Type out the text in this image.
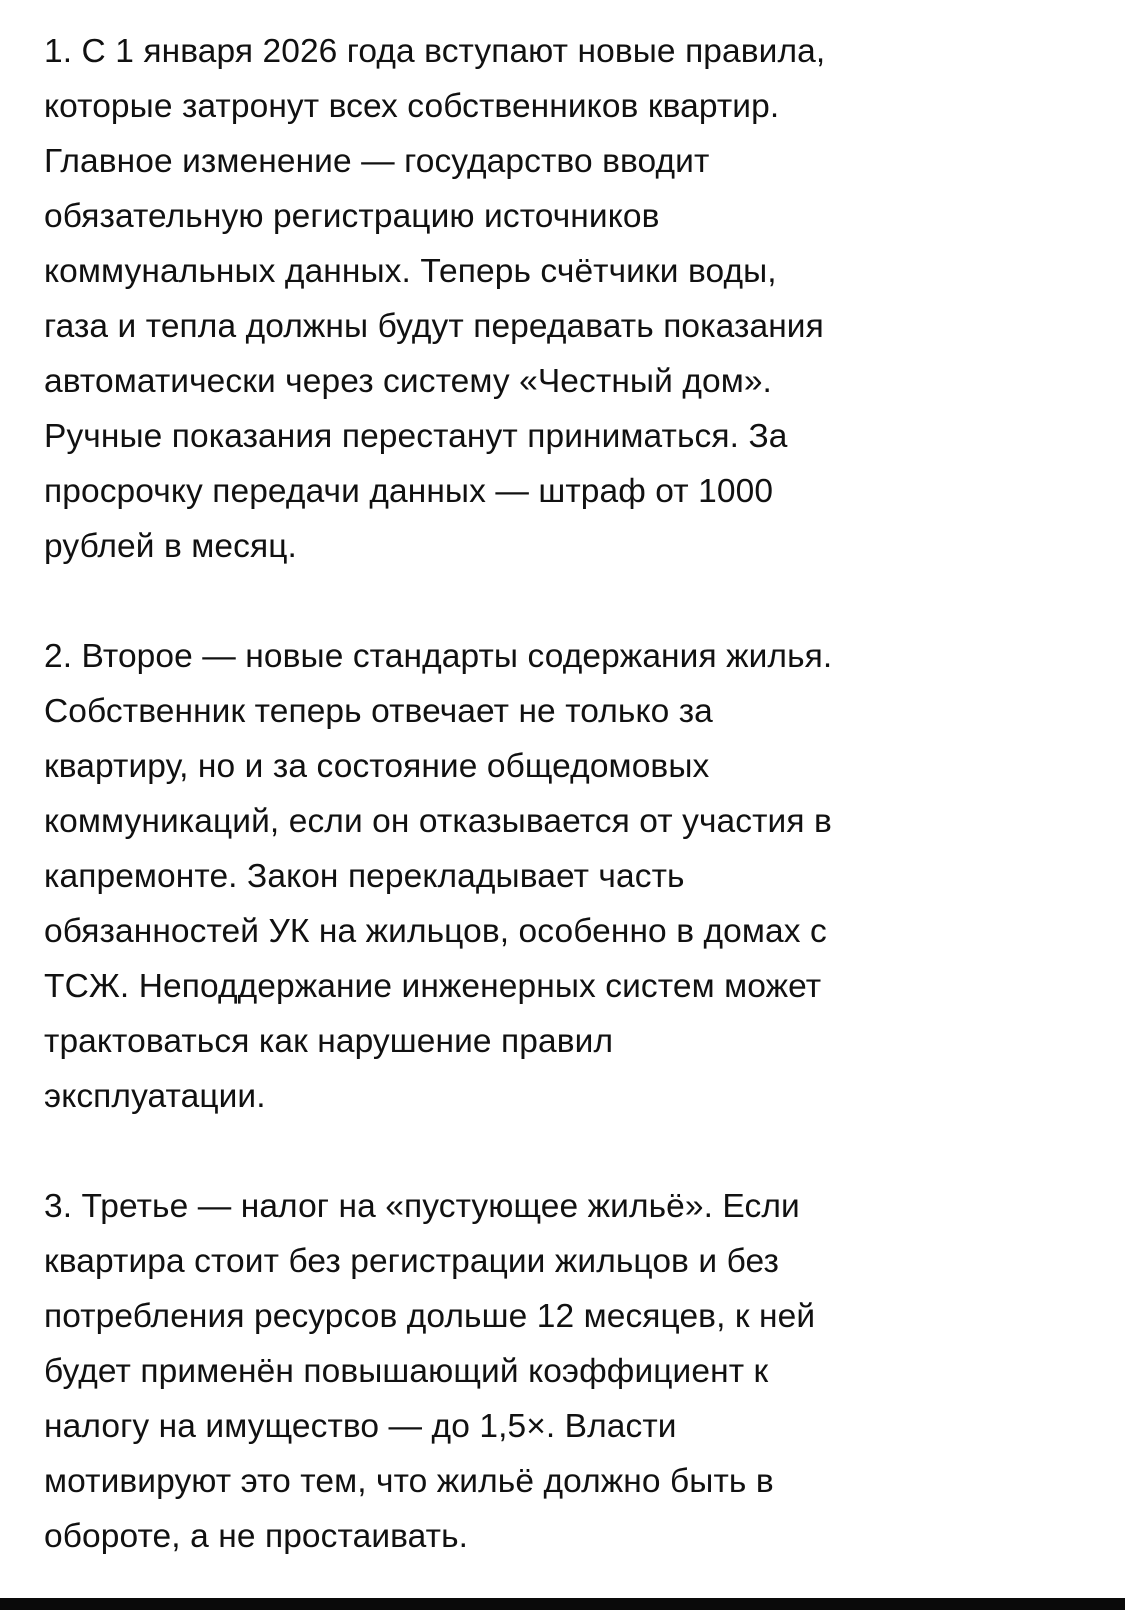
1. С 1 января 2026 года вступают новые правила,
которые затронут всех собственников квартир.
Главное изменение — государство вводит
обязательную регистрацию источников
коммунальных данных. Теперь счётчики воды,
газа и тепла должны будут передавать показания
автоматически через систему «Честный дом».
Ручные показания перестанут приниматься. За
просрочку передачи данных — штраф от 1000
рублей в месяц.

2. Второе — новые стандарты содержания жилья.
Собственник теперь отвечает не только за
квартиру, но и за состояние общедомовых
коммуникаций, если он отказывается от участия в
капремонте. Закон перекладывает часть
обязанностей УК на жильцов, особенно в домах с
ТСЖ. Неподдержание инженерных систем может
трактоваться как нарушение правил
эксплуатации.

3. Третье — налог на «пустующее жильё». Если
квартира стоит без регистрации жильцов и без
потребления ресурсов дольше 12 месяцев, к ней
будет применён повышающий коэффициент к
налогу на имущество — до 1,5×. Власти
мотивируют это тем, что жильё должно быть в
обороте, а не простаивать.
